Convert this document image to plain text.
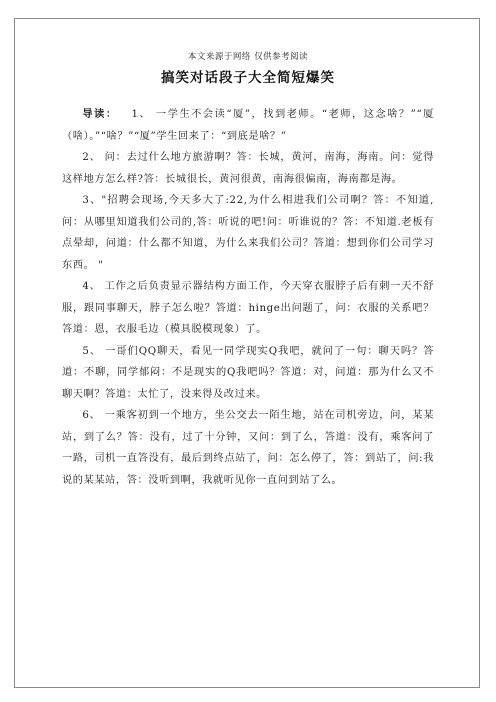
本文来源于网络 仅供参考阅读
搞笑对话段子大全简短爆笑

导读： 1、 一学生不会读“厦”，找到老师。“老师，这念啥？”“厦（啥）。”“啥？”“厦”学生回来了：“到底是啥？”

2、 问：去过什么地方旅游啊？答：长城，黄河，南海，海南。问：觉得这样地方怎么样?答：长城很长，黄河很黄，南海很偏南，海南都是海。

3、"招聘会现场,今天多大了:22,为什么相进我们公司啊？答：不知道,问：从哪里知道我们公司的,答：听说的吧!问：听谁说的？答：不知道.老板有点晕却，问道：什么都不知道，为什么来我们公司？答道：想到你们公司学习东西。 "

4、 工作之后负责显示器结构方面工作，今天穿衣服脖子后有刺一天不舒服，跟同事聊天，脖子怎么啦？答道：hinge出问题了，问：衣服的关系吧？答道：恩，衣服毛边（模具脱模现象）了。

5、 一哥们QQ聊天，看见一同学现实Q我吧，就问了一句：聊天吗？答道：不聊，同学郁闷：不是现实的Q我吧吗？答道：对，问道：那为什么又不聊天啊？答道：太忙了，没来得及改过来。

6、 一乘客初到一个地方，坐公交去一陌生地，站在司机旁边，问，某某站，到了么？答：没有，过了十分钟，又问：到了么，答道：没有，乘客问了一路，司机一直答没有，最后到终点站了，问：怎么停了，答：到站了，问:我说的某某站，答：没听到啊，我就听见你一直问到站了么。
